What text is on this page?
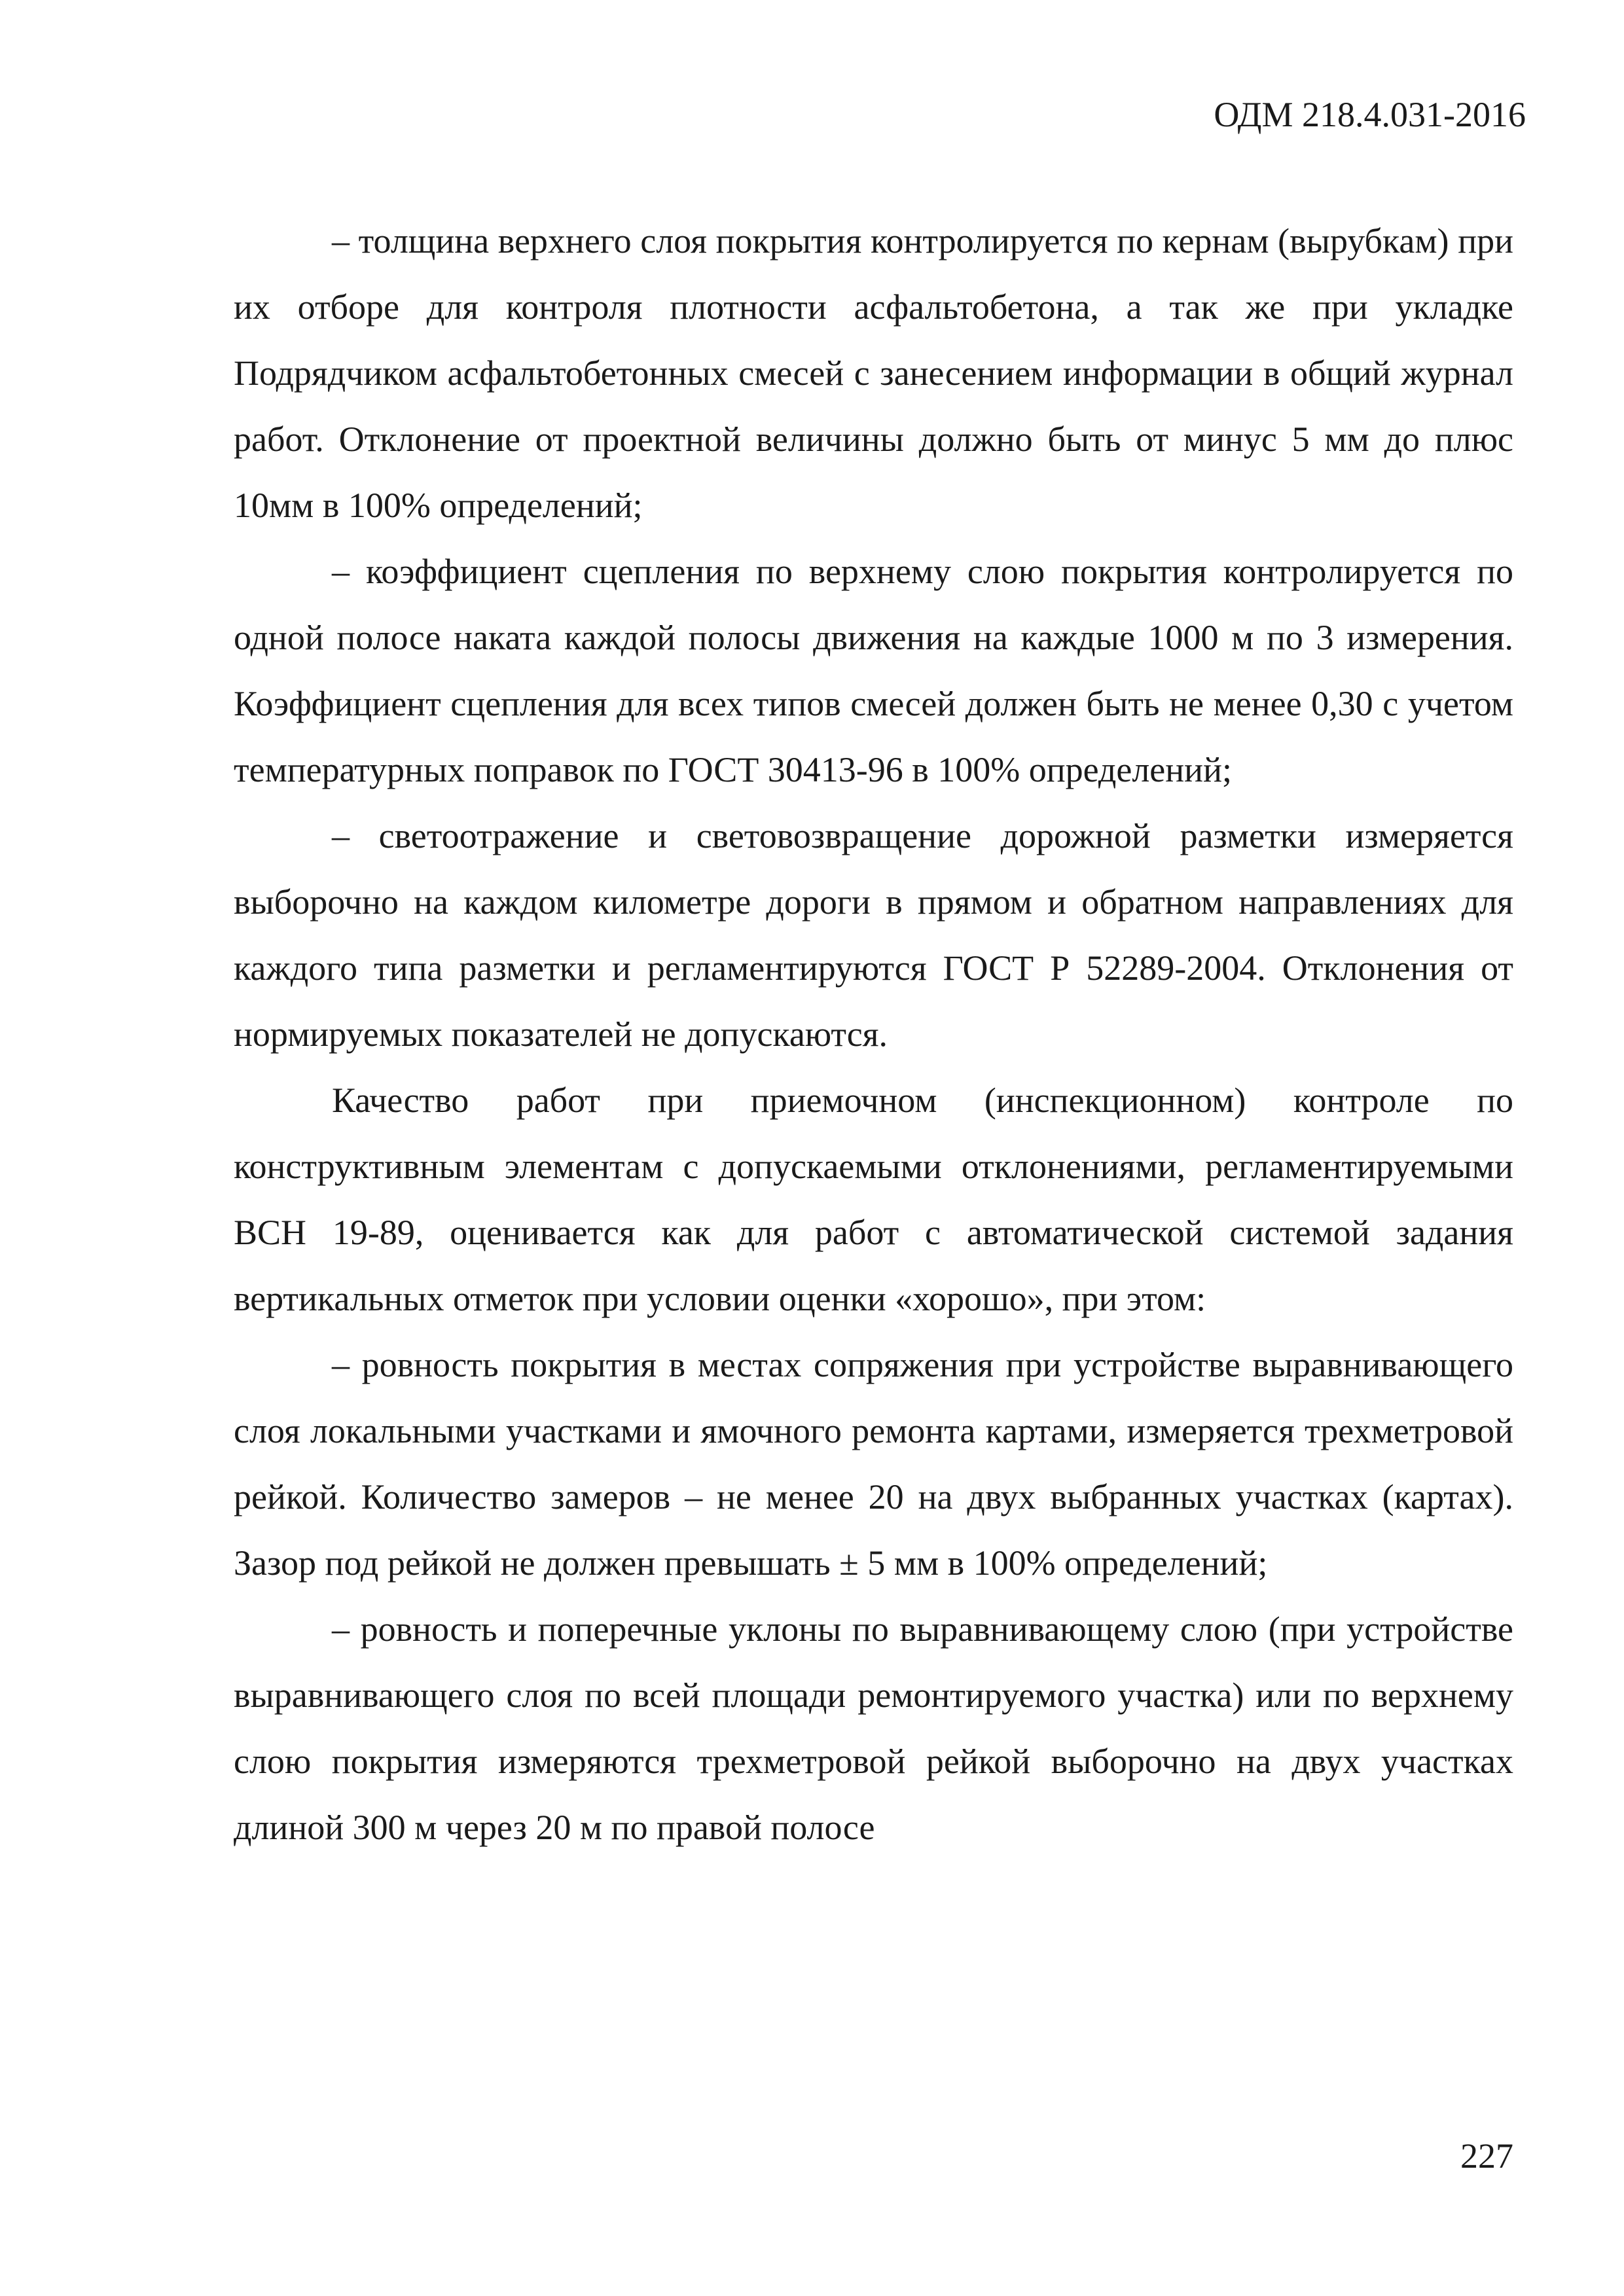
ОДМ 218.4.031-2016

– толщина верхнего слоя покрытия контролируется по кернам (вырубкам) при их отборе для контроля плотности асфальтобетона, а так же при укладке Подрядчиком асфальтобетонных смесей с занесением информации в общий журнал работ. Отклонение от проектной величины должно быть от минус 5 мм до плюс 10мм в 100% определений;

– коэффициент сцепления по верхнему слою покрытия контролируется по одной полосе наката каждой полосы движения на каждые 1000 м по 3 измерения. Коэффициент сцепления для всех типов смесей должен быть не менее 0,30 с учетом температурных поправок по ГОСТ 30413-96 в 100% определений;

– светоотражение и световозвращение дорожной разметки измеряется выборочно на каждом километре дороги в прямом и обратном направлениях для каждого типа разметки и регламентируются ГОСТ Р 52289-2004. Отклонения от нормируемых показателей не допускаются.

Качество работ при приемочном (инспекционном) контроле по конструктивным элементам с допускаемыми отклонениями, регламентируемыми ВСН 19-89, оценивается как для работ с автоматической системой задания вертикальных отметок при условии оценки «хорошо», при этом:

– ровность покрытия в местах сопряжения при устройстве выравнивающего слоя локальными участками и ямочного ремонта картами, измеряется трехметровой рейкой. Количество замеров – не менее 20 на двух выбранных участках (картах). Зазор под рейкой не должен превышать ± 5 мм в 100% определений;

– ровность и поперечные уклоны по выравнивающему слою (при устройстве выравнивающего слоя по всей площади ремонтируемого участка) или по верхнему слою покрытия измеряются трехметровой рейкой выборочно на двух участках длиной 300 м через 20 м по правой полосе

227
